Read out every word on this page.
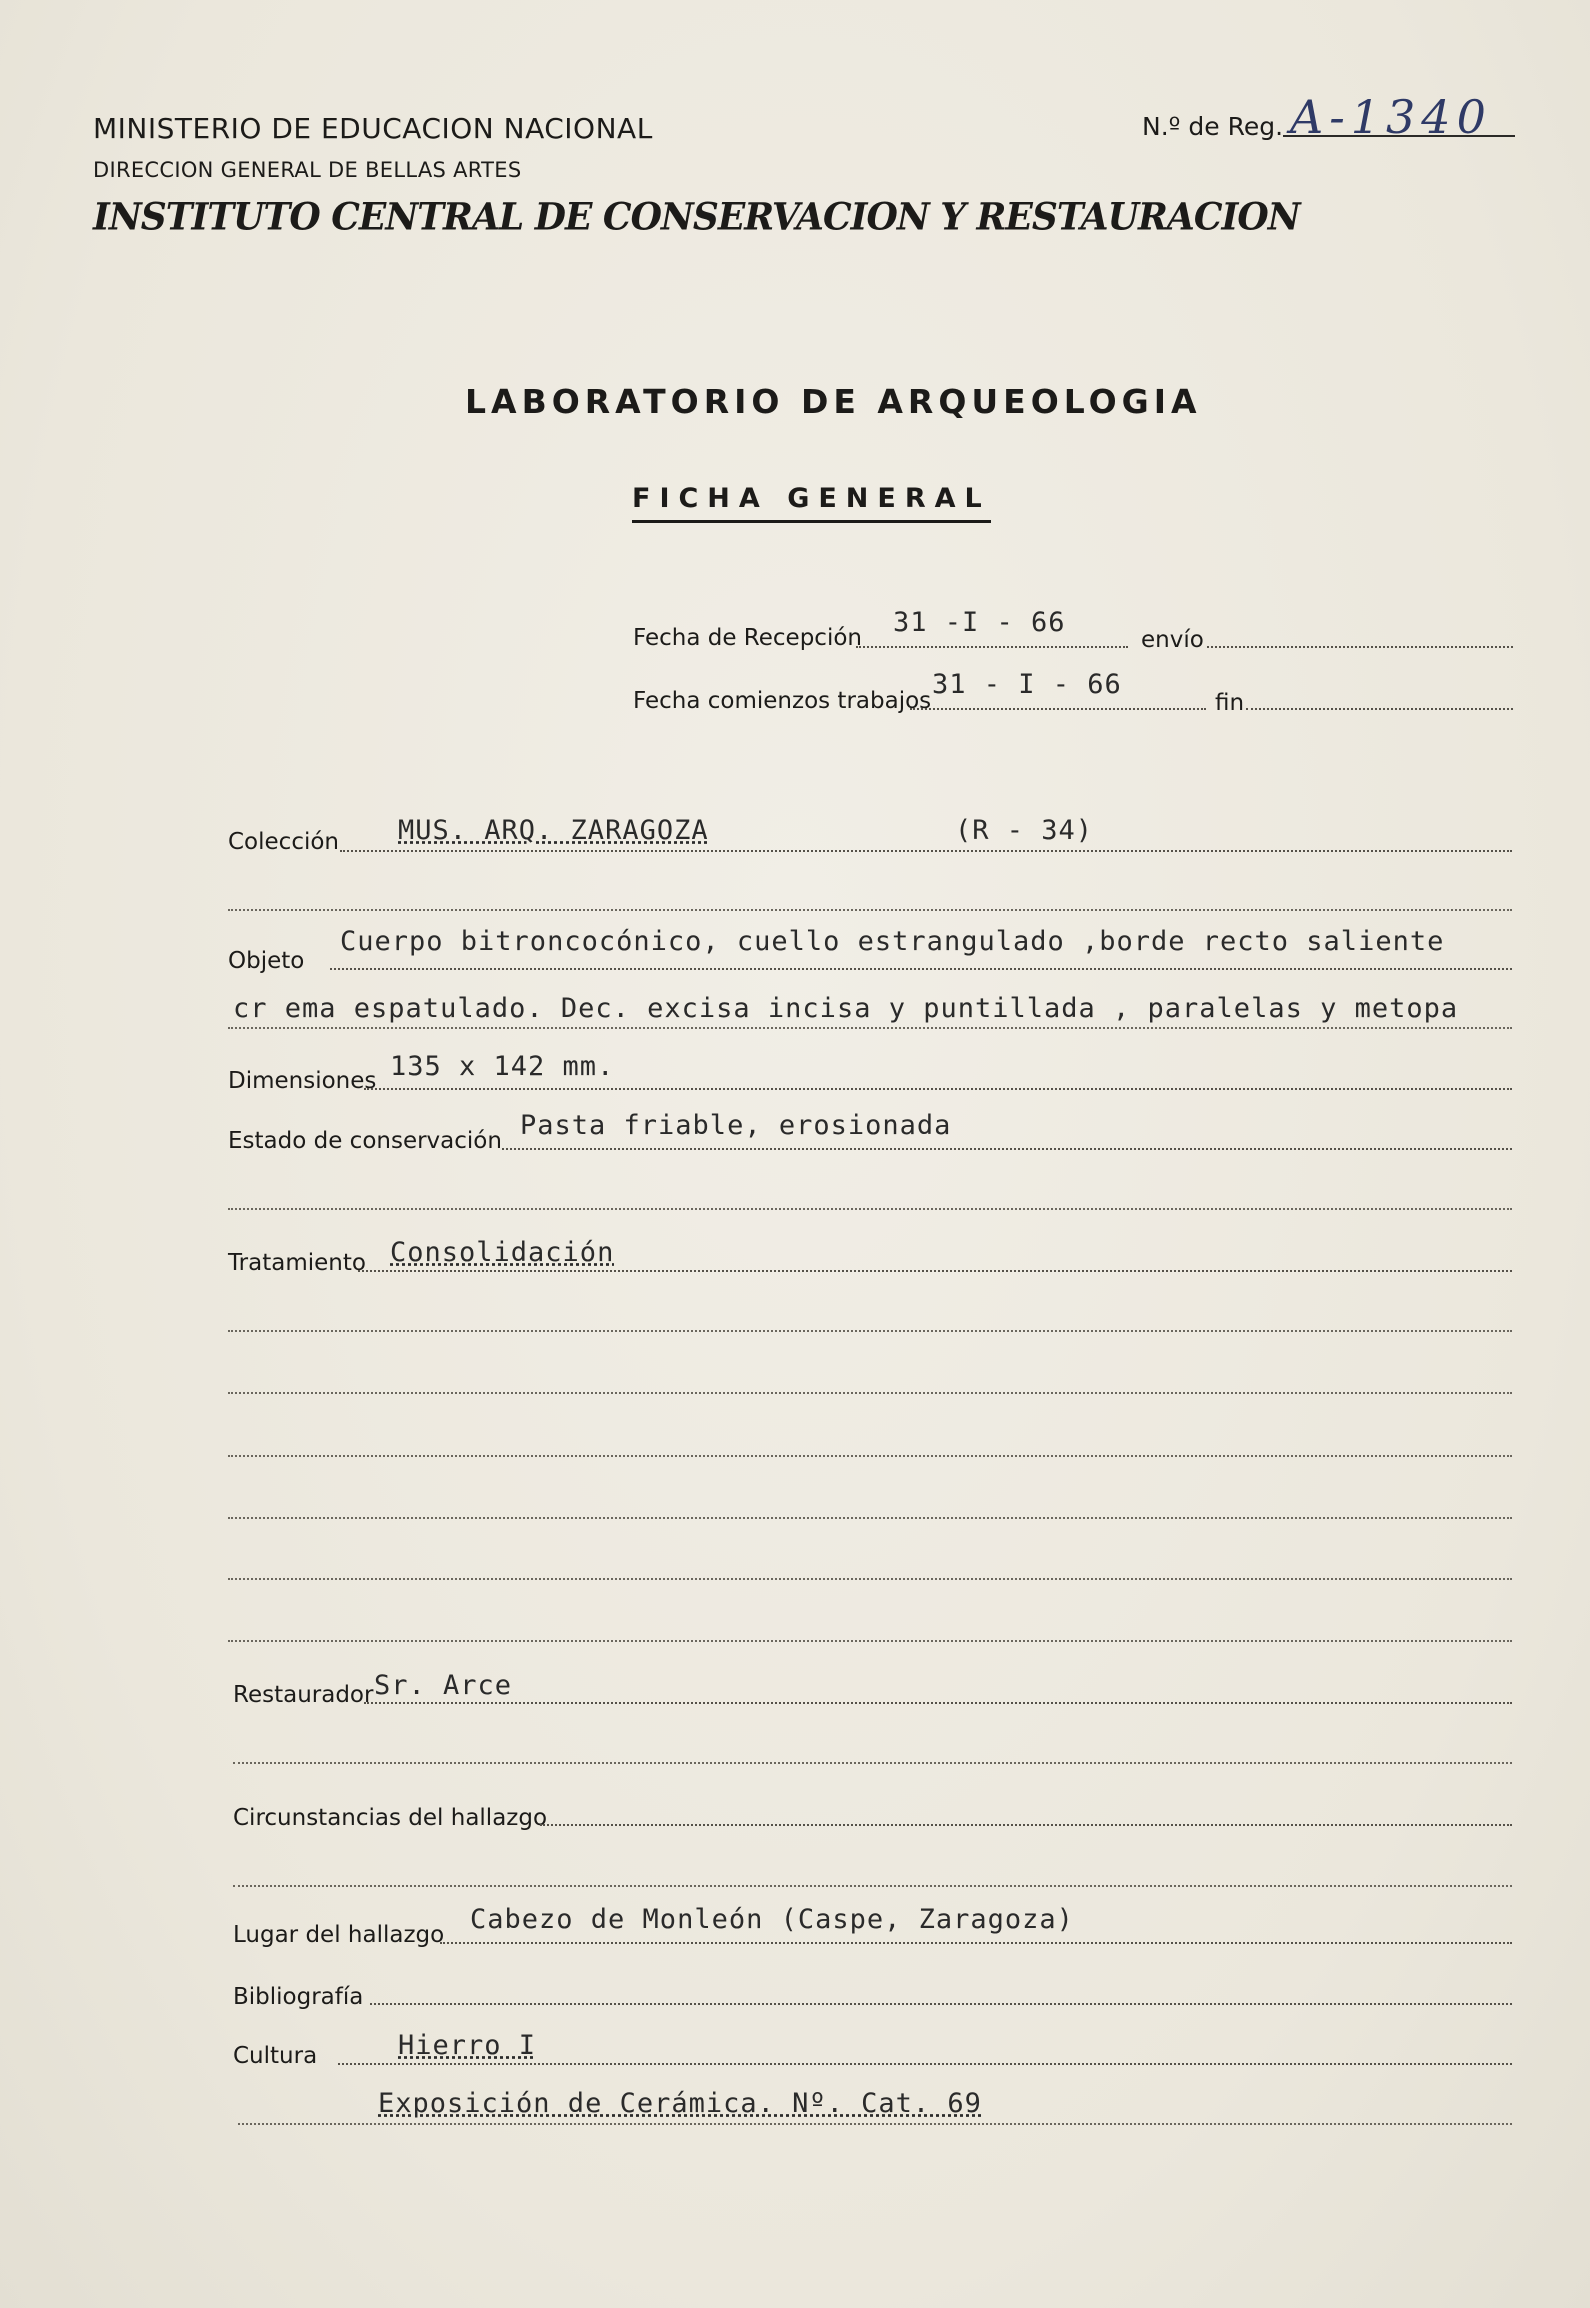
MINISTERIO DE EDUCACION NACIONAL
DIRECCION GENERAL DE BELLAS ARTES
INSTITUTO CENTRAL DE CONSERVACION Y RESTAURACION
N.º de Reg. A-1340
LABORATORIO DE ARQUEOLOGIA
FICHA GENERAL
Fecha de Recepción 31 -I - 66
envío
Fecha comienzos trabajos
31 - I - 66
fin
Colección MUS. ARQ. ZARAGOZA	(R - 34)
Objeto
Cuerpo bitroncocónico, cuello estrangulado ,borde recto saliente
cr ema espatulado. Dec. excisa incisa y puntillada , paralelas y metopa
Dimensiones 135 x 142 mm.
Estado de conservación Pasta friable, erosionada
Tratamiento Consolidación
Restaurador Sr. Arce
Circunstancias del hallazgo
Lugar del hallazgo Cabezo de Monleón (Caspe, Zaragoza)
Bibliografía
Cultura	Hierro I
Exposición de Cerámica. Nº. Cat. 69
